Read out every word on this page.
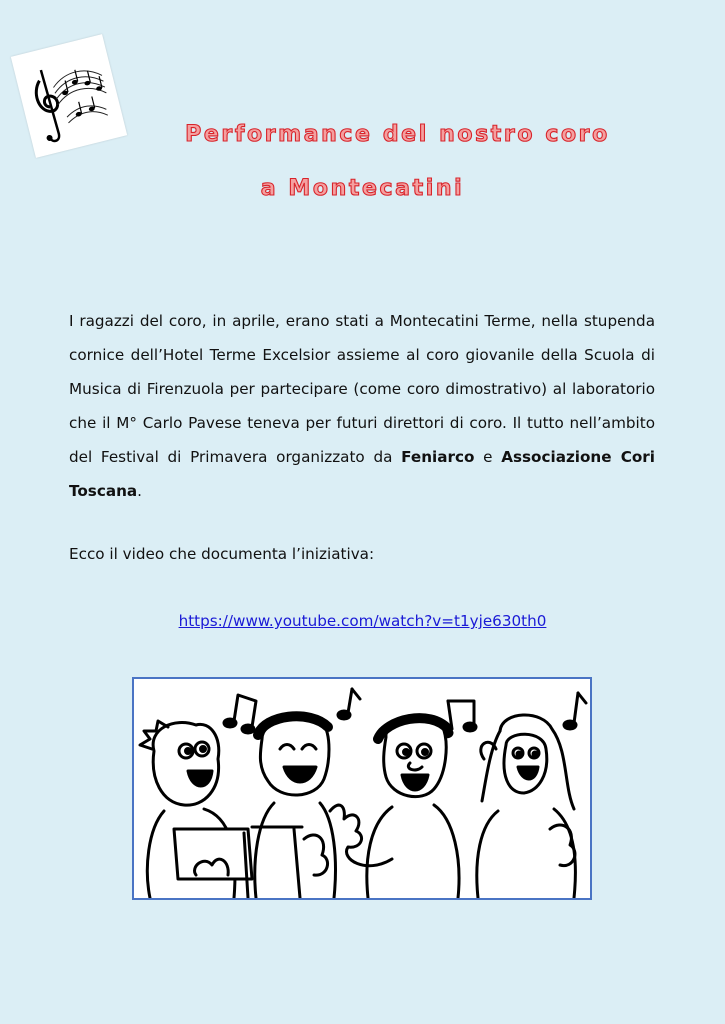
Performance del nostro coro
a Montecatini
I ragazzi del coro, in aprile, erano stati a Montecatini Terme, nella stupenda cornice dell’Hotel Terme Excelsior assieme al coro giovanile della Scuola di Musica di Firenzuola per partecipare (come coro dimostrativo) al laboratorio che il M° Carlo Pavese teneva per futuri direttori di coro. Il tutto nell’ambito del Festival di Primavera organizzato da Feniarco e Associazione Cori Toscana.
Ecco il video che documenta l’iniziativa:
https://www.youtube.com/watch?v=t1yje630th0
